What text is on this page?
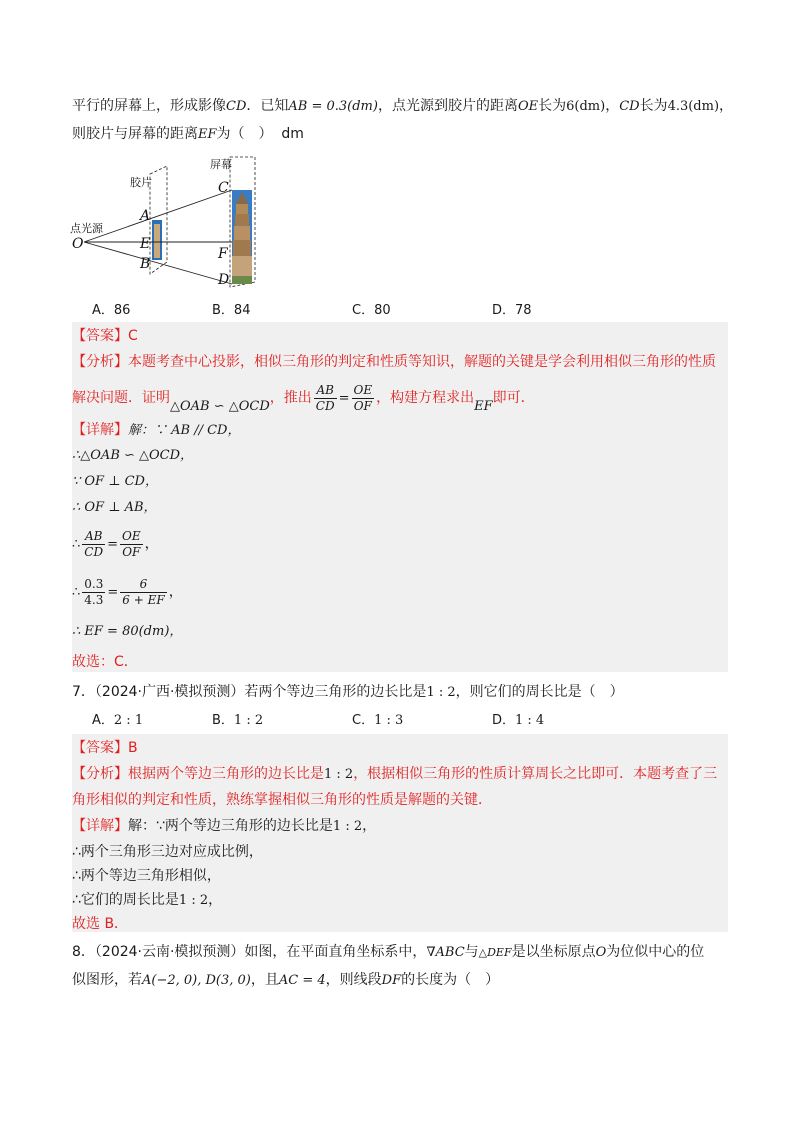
平行的屏幕上，形成影像CD．已知AB = 0.3(dm)，点光源到胶片的距离OE长为6(dm)，CD长为4.3(dm)，
则胶片与屏幕的距离EF为（　） dm
屏幕
胶片
点光源
O
A
E
B
C
F
D
A．86	B．84	C．80	D．78
【答案】C
【分析】本题考查中心投影，相似三角形的判定和性质等知识，解题的关键是学会利用相似三角形的性质
解决问题．证明△OAB ∽ △OCD，推出 $\frac{AB}{CD} = \frac{OE}{OF}$ ，构建方程求出EF即可．
【详解】解：∵ AB // CD，
∴△OAB ∽ △OCD，
∵ OF ⊥ CD，
∴ OF ⊥ AB，
∴ $\frac{AB}{CD} = \frac{OE}{OF}$ ，
∴ $\frac{0.3}{4.3} = \frac{6}{6 + EF}$ ，
∴ EF = 80(dm)，
故选：C．
7．（2024·广西·模拟预测）若两个等边三角形的边长比是1 : 2，则它们的周长比是（　）
A．2 : 1	B．1 : 2	C．1 : 3	D．1 : 4
【答案】B
【分析】根据两个等边三角形的边长比是1 : 2，根据相似三角形的性质计算周长之比即可．本题考查了三
角形相似的判定和性质，熟练掌握相似三角形的性质是解题的关键．
【详解】解：∵两个等边三角形的边长比是1 : 2，
∴两个三角形三边对应成比例，
∴两个等边三角形相似，
∴它们的周长比是1 : 2，
故选 B．
8．（2024·云南·模拟预测）如图，在平面直角坐标系中，∇ABC与△DEF是以坐标原点O为位似中心的位
似图形，若A(−2, 0), D(3, 0)，且AC = 4，则线段DF的长度为（　）
